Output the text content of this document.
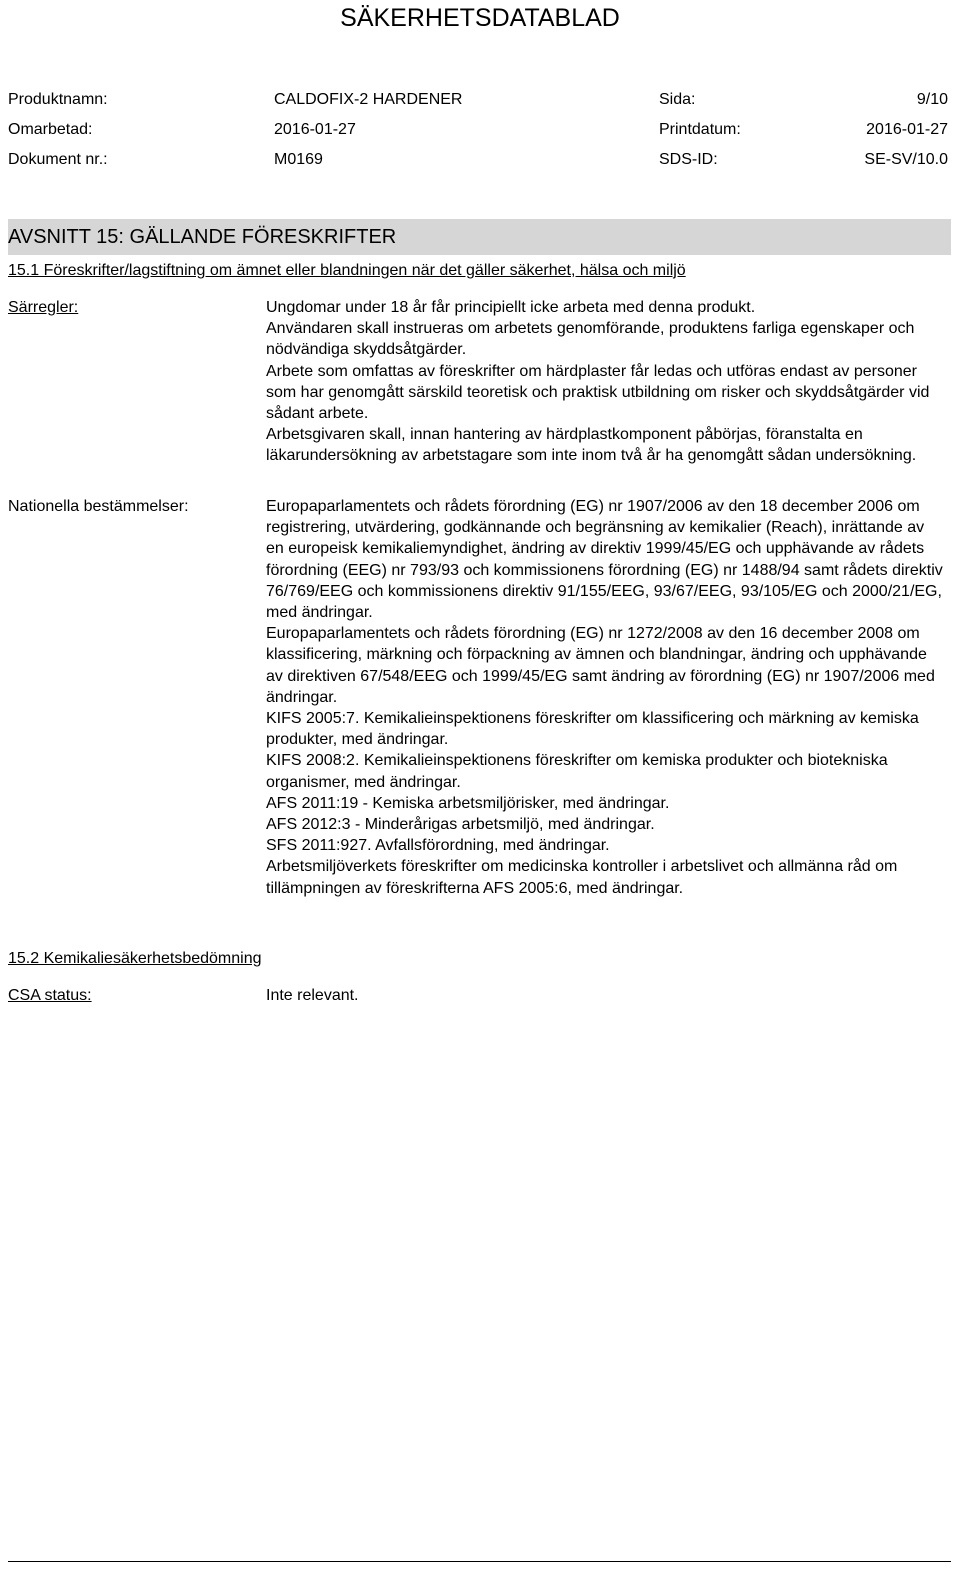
SÄKERHETSDATABLAD
Produktnamn:	CALDOFIX-2 HARDENER	Sida:	9/10
Omarbetad:	2016-01-27	Printdatum:	2016-01-27
Dokument nr.:	M0169	SDS-ID:	SE-SV/10.0
AVSNITT 15: GÄLLANDE FÖRESKRIFTER
15.1 Föreskrifter/lagstiftning om ämnet eller blandningen när det gäller säkerhet, hälsa och miljö
Särregler:	Ungdomar under 18 år får principiellt icke arbeta med denna produkt.
Användaren skall instrueras om arbetets genomförande, produktens farliga egenskaper och nödvändiga skyddsåtgärder.
Arbete som omfattas av föreskrifter om härdplaster får ledas och utföras endast av personer som har genomgått särskild teoretisk och praktisk utbildning om risker och skyddsåtgärder vid sådant arbete.
Arbetsgivaren skall, innan hantering av härdplastkomponent påbörjas, föranstalta en läkarundersökning av arbetstagare som inte inom två år ha genomgått sådan undersökning.
Nationella bestämmelser:	Europaparlamentets och rådets förordning (EG) nr 1907/2006 av den 18 december 2006 om registrering, utvärdering, godkännande och begränsning av kemikalier (Reach), inrättande av en europeisk kemikaliemyndighet, ändring av direktiv 1999/45/EG och upphävande av rådets förordning (EEG) nr 793/93 och kommissionens förordning (EG) nr 1488/94 samt rådets direktiv 76/769/EEG och kommissionens direktiv 91/155/EEG, 93/67/EEG, 93/105/EG och 2000/21/EG, med ändringar.
Europaparlamentets och rådets förordning (EG) nr 1272/2008 av den 16 december 2008 om klassificering, märkning och förpackning av ämnen och blandningar, ändring och upphävande av direktiven 67/548/EEG och 1999/45/EG samt ändring av förordning (EG) nr 1907/2006 med ändringar.
KIFS 2005:7. Kemikalieinspektionens föreskrifter om klassificering och märkning av kemiska produkter, med ändringar.
KIFS 2008:2. Kemikalieinspektionens föreskrifter om kemiska produkter och biotekniska organismer, med ändringar.
AFS 2011:19 - Kemiska arbetsmiljörisker, med ändringar.
AFS 2012:3 - Minderårigas arbetsmiljö, med ändringar.
SFS 2011:927. Avfallsförordning, med ändringar.
Arbetsmiljöverkets föreskrifter om medicinska kontroller i arbetslivet och allmänna råd om tillämpningen av föreskrifterna AFS 2005:6, med ändringar.
15.2 Kemikaliesäkerhetsbedömning
CSA status:	Inte relevant.
